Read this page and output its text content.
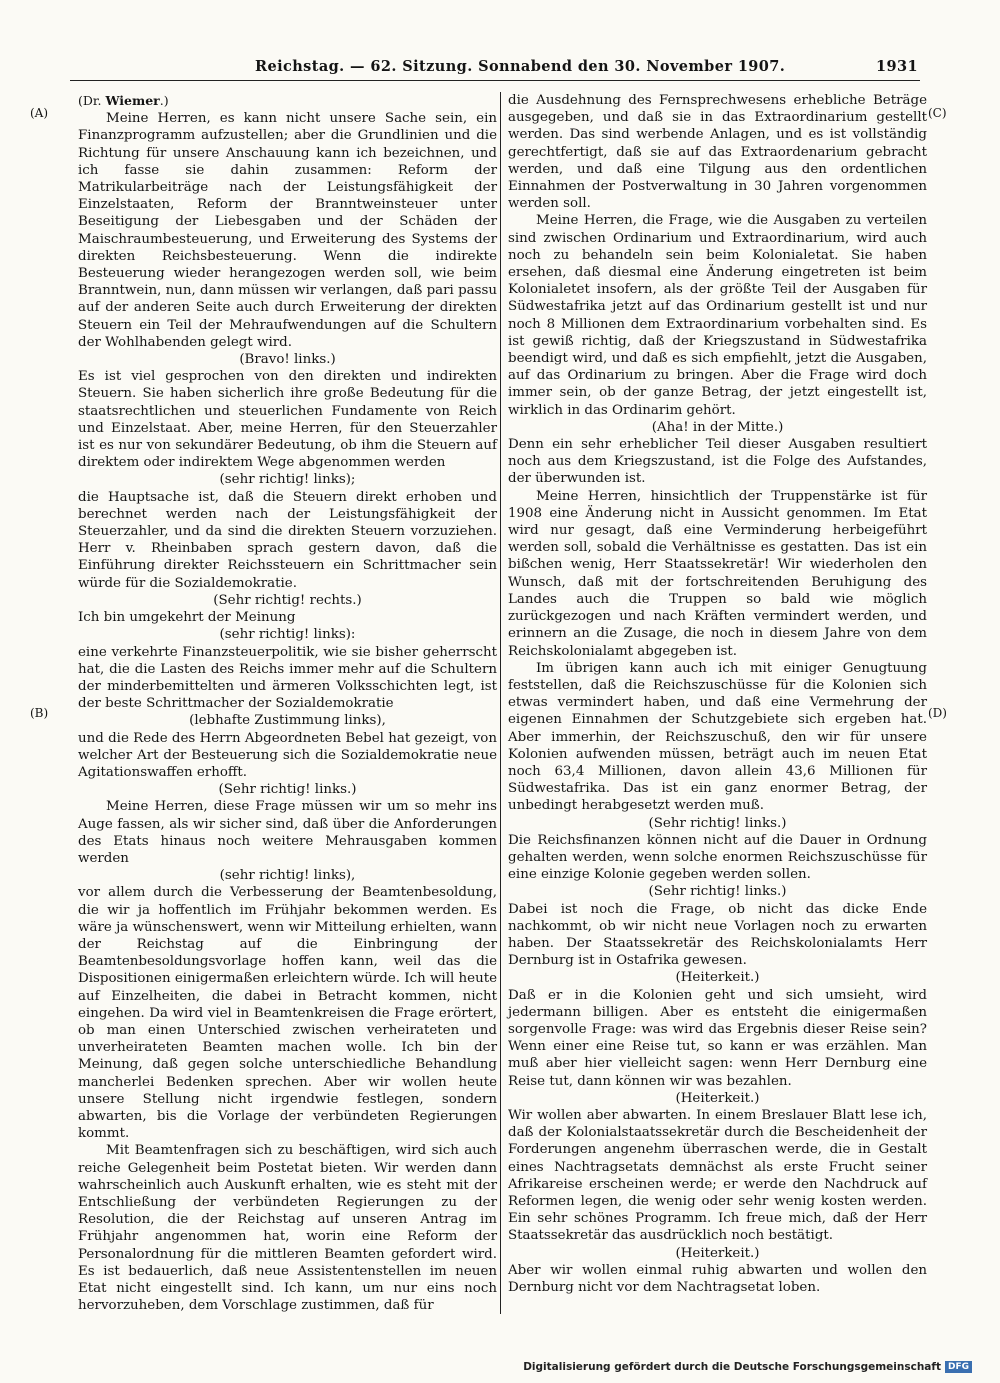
Reichstag. — 62. Sitzung. Sonnabend den 30. November 1907.	1931
(A)
(B)
(C)
(D)

(Dr. Wiemer.)

Meine Herren, es kann nicht unsere Sache sein, ein Finanzprogramm aufzustellen; aber die Grundlinien und die Richtung für unsere Anschauung kann ich bezeichnen, und ich fasse sie dahin zusammen: Reform der Matrikularbeiträge nach der Leistungsfähigkeit der Einzelstaaten, Reform der Branntweinsteuer unter Beseitigung der Liebesgaben und der Schäden der Maischraumbesteuerung, und Erweiterung des Systems der direkten Reichsbesteuerung. Wenn die indirekte Besteuerung wieder herangezogen werden soll, wie beim Branntwein, nun, dann müssen wir verlangen, daß pari passu auf der anderen Seite auch durch Erweiterung der direkten Steuern ein Teil der Mehraufwendungen auf die Schultern der Wohlhabenden gelegt wird.

(Bravo! links.)

Es ist viel gesprochen von den direkten und indirekten Steuern. Sie haben sicherlich ihre große Bedeutung für die staatsrechtlichen und steuerlichen Fundamente von Reich und Einzelstaat. Aber, meine Herren, für den Steuerzahler ist es nur von sekundärer Bedeutung, ob ihm die Steuern auf direktem oder indirektem Wege abgenommen werden

(sehr richtig! links);

die Hauptsache ist, daß die Steuern direkt erhoben und berechnet werden nach der Leistungsfähigkeit der Steuerzahler, und da sind die direkten Steuern vorzuziehen. Herr v. Rheinbaben sprach gestern davon, daß die Einführung direkter Reichssteuern ein Schrittmacher sein würde für die Sozialdemokratie.

(Sehr richtig! rechts.)

Ich bin umgekehrt der Meinung

(sehr richtig! links):

eine verkehrte Finanzsteuerpolitik, wie sie bisher geherrscht hat, die die Lasten des Reichs immer mehr auf die Schultern der minderbemittelten und ärmeren Volksschichten legt, ist der beste Schrittmacher der Sozialdemokratie

(lebhafte Zustimmung links),

und die Rede des Herrn Abgeordneten Bebel hat gezeigt, von welcher Art der Besteuerung sich die Sozialdemokratie neue Agitationswaffen erhofft.

(Sehr richtig! links.)

Meine Herren, diese Frage müssen wir um so mehr ins Auge fassen, als wir sicher sind, daß über die Anforderungen des Etats hinaus noch weitere Mehrausgaben kommen werden

(sehr richtig! links),

vor allem durch die Verbesserung der Beamtenbesoldung, die wir ja hoffentlich im Frühjahr bekommen werden. Es wäre ja wünschenswert, wenn wir Mitteilung erhielten, wann der Reichstag auf die Einbringung der Beamtenbesoldungsvorlage hoffen kann, weil das die Dispositionen einigermaßen erleichtern würde. Ich will heute auf Einzelheiten, die dabei in Betracht kommen, nicht eingehen. Da wird viel in Beamtenkreisen die Frage erörtert, ob man einen Unterschied zwischen verheirateten und unverheirateten Beamten machen wolle. Ich bin der Meinung, daß gegen solche unterschiedliche Behandlung mancherlei Bedenken sprechen. Aber wir wollen heute unsere Stellung nicht irgendwie festlegen, sondern abwarten, bis die Vorlage der verbündeten Regierungen kommt.

Mit Beamtenfragen sich zu beschäftigen, wird sich auch reiche Gelegenheit beim Postetat bieten. Wir werden dann wahrscheinlich auch Auskunft erhalten, wie es steht mit der Entschließung der verbündeten Regierungen zu der Resolution, die der Reichstag auf unseren Antrag im Frühjahr angenommen hat, worin eine Reform der Personalordnung für die mittleren Beamten gefordert wird. Es ist bedauerlich, daß neue Assistentenstellen im neuen Etat nicht eingestellt sind. Ich kann, um nur eins noch hervorzuheben, dem Vorschlage zustimmen, daß für

die Ausdehnung des Fernsprechwesens erhebliche Beträge ausgegeben, und daß sie in das Extraordinarium gestellt werden. Das sind werbende Anlagen, und es ist vollständig gerechtfertigt, daß sie auf das Extraordenarium gebracht werden, und daß eine Tilgung aus den ordentlichen Einnahmen der Postverwaltung in 30 Jahren vorgenommen werden soll.

Meine Herren, die Frage, wie die Ausgaben zu verteilen sind zwischen Ordinarium und Extraordinarium, wird auch noch zu behandeln sein beim Kolonialetat. Sie haben ersehen, daß diesmal eine Änderung eingetreten ist beim Kolonialetet insofern, als der größte Teil der Ausgaben für Südwestafrika jetzt auf das Ordinarium gestellt ist und nur noch 8 Millionen dem Extraordinarium vorbehalten sind. Es ist gewiß richtig, daß der Kriegszustand in Südwestafrika beendigt wird, und daß es sich empfiehlt, jetzt die Ausgaben, auf das Ordinarium zu bringen. Aber die Frage wird doch immer sein, ob der ganze Betrag, der jetzt eingestellt ist, wirklich in das Ordinarim gehört.

(Aha! in der Mitte.)

Denn ein sehr erheblicher Teil dieser Ausgaben resultiert noch aus dem Kriegszustand, ist die Folge des Aufstandes, der überwunden ist.

Meine Herren, hinsichtlich der Truppenstärke ist für 1908 eine Änderung nicht in Aussicht genommen. Im Etat wird nur gesagt, daß eine Verminderung herbeigeführt werden soll, sobald die Verhältnisse es gestatten. Das ist ein bißchen wenig, Herr Staatssekretär! Wir wiederholen den Wunsch, daß mit der fortschreitenden Beruhigung des Landes auch die Truppen so bald wie möglich zurückgezogen und nach Kräften vermindert werden, und erinnern an die Zusage, die noch in diesem Jahre von dem Reichskolonialamt abgegeben ist.

Im übrigen kann auch ich mit einiger Genugtuung feststellen, daß die Reichszuschüsse für die Kolonien sich etwas vermindert haben, und daß eine Vermehrung der eigenen Einnahmen der Schutzgebiete sich ergeben hat. Aber immerhin, der Reichszuschuß, den wir für unsere Kolonien aufwenden müssen, beträgt auch im neuen Etat noch 63,4 Millionen, davon allein 43,6 Millionen für Südwestafrika. Das ist ein ganz enormer Betrag, der unbedingt herabgesetzt werden muß.

(Sehr richtig! links.)

Die Reichsfinanzen können nicht auf die Dauer in Ordnung gehalten werden, wenn solche enormen Reichszuschüsse für eine einzige Kolonie gegeben werden sollen.

(Sehr richtig! links.)

Dabei ist noch die Frage, ob nicht das dicke Ende nachkommt, ob wir nicht neue Vorlagen noch zu erwarten haben. Der Staatssekretär des Reichskolonialamts Herr Dernburg ist in Ostafrika gewesen.

(Heiterkeit.)

Daß er in die Kolonien geht und sich umsieht, wird jedermann billigen. Aber es entsteht die einigermaßen sorgenvolle Frage: was wird das Ergebnis dieser Reise sein? Wenn einer eine Reise tut, so kann er was erzählen. Man muß aber hier vielleicht sagen: wenn Herr Dernburg eine Reise tut, dann können wir was bezahlen.

(Heiterkeit.)

Wir wollen aber abwarten. In einem Breslauer Blatt lese ich, daß der Kolonialstaatssekretär durch die Bescheidenheit der Forderungen angenehm überraschen werde, die in Gestalt eines Nachtragsetats demnächst als erste Frucht seiner Afrikareise erscheinen werde; er werde den Nachdruck auf Reformen legen, die wenig oder sehr wenig kosten werden. Ein sehr schönes Programm. Ich freue mich, daß der Herr Staatssekretär das ausdrücklich noch bestätigt.

(Heiterkeit.)

Aber wir wollen einmal ruhig abwarten und wollen den Dernburg nicht vor dem Nachtragsetat loben.

Digitalisierung gefördert durch die Deutsche Forschungsgemeinschaft DFG
